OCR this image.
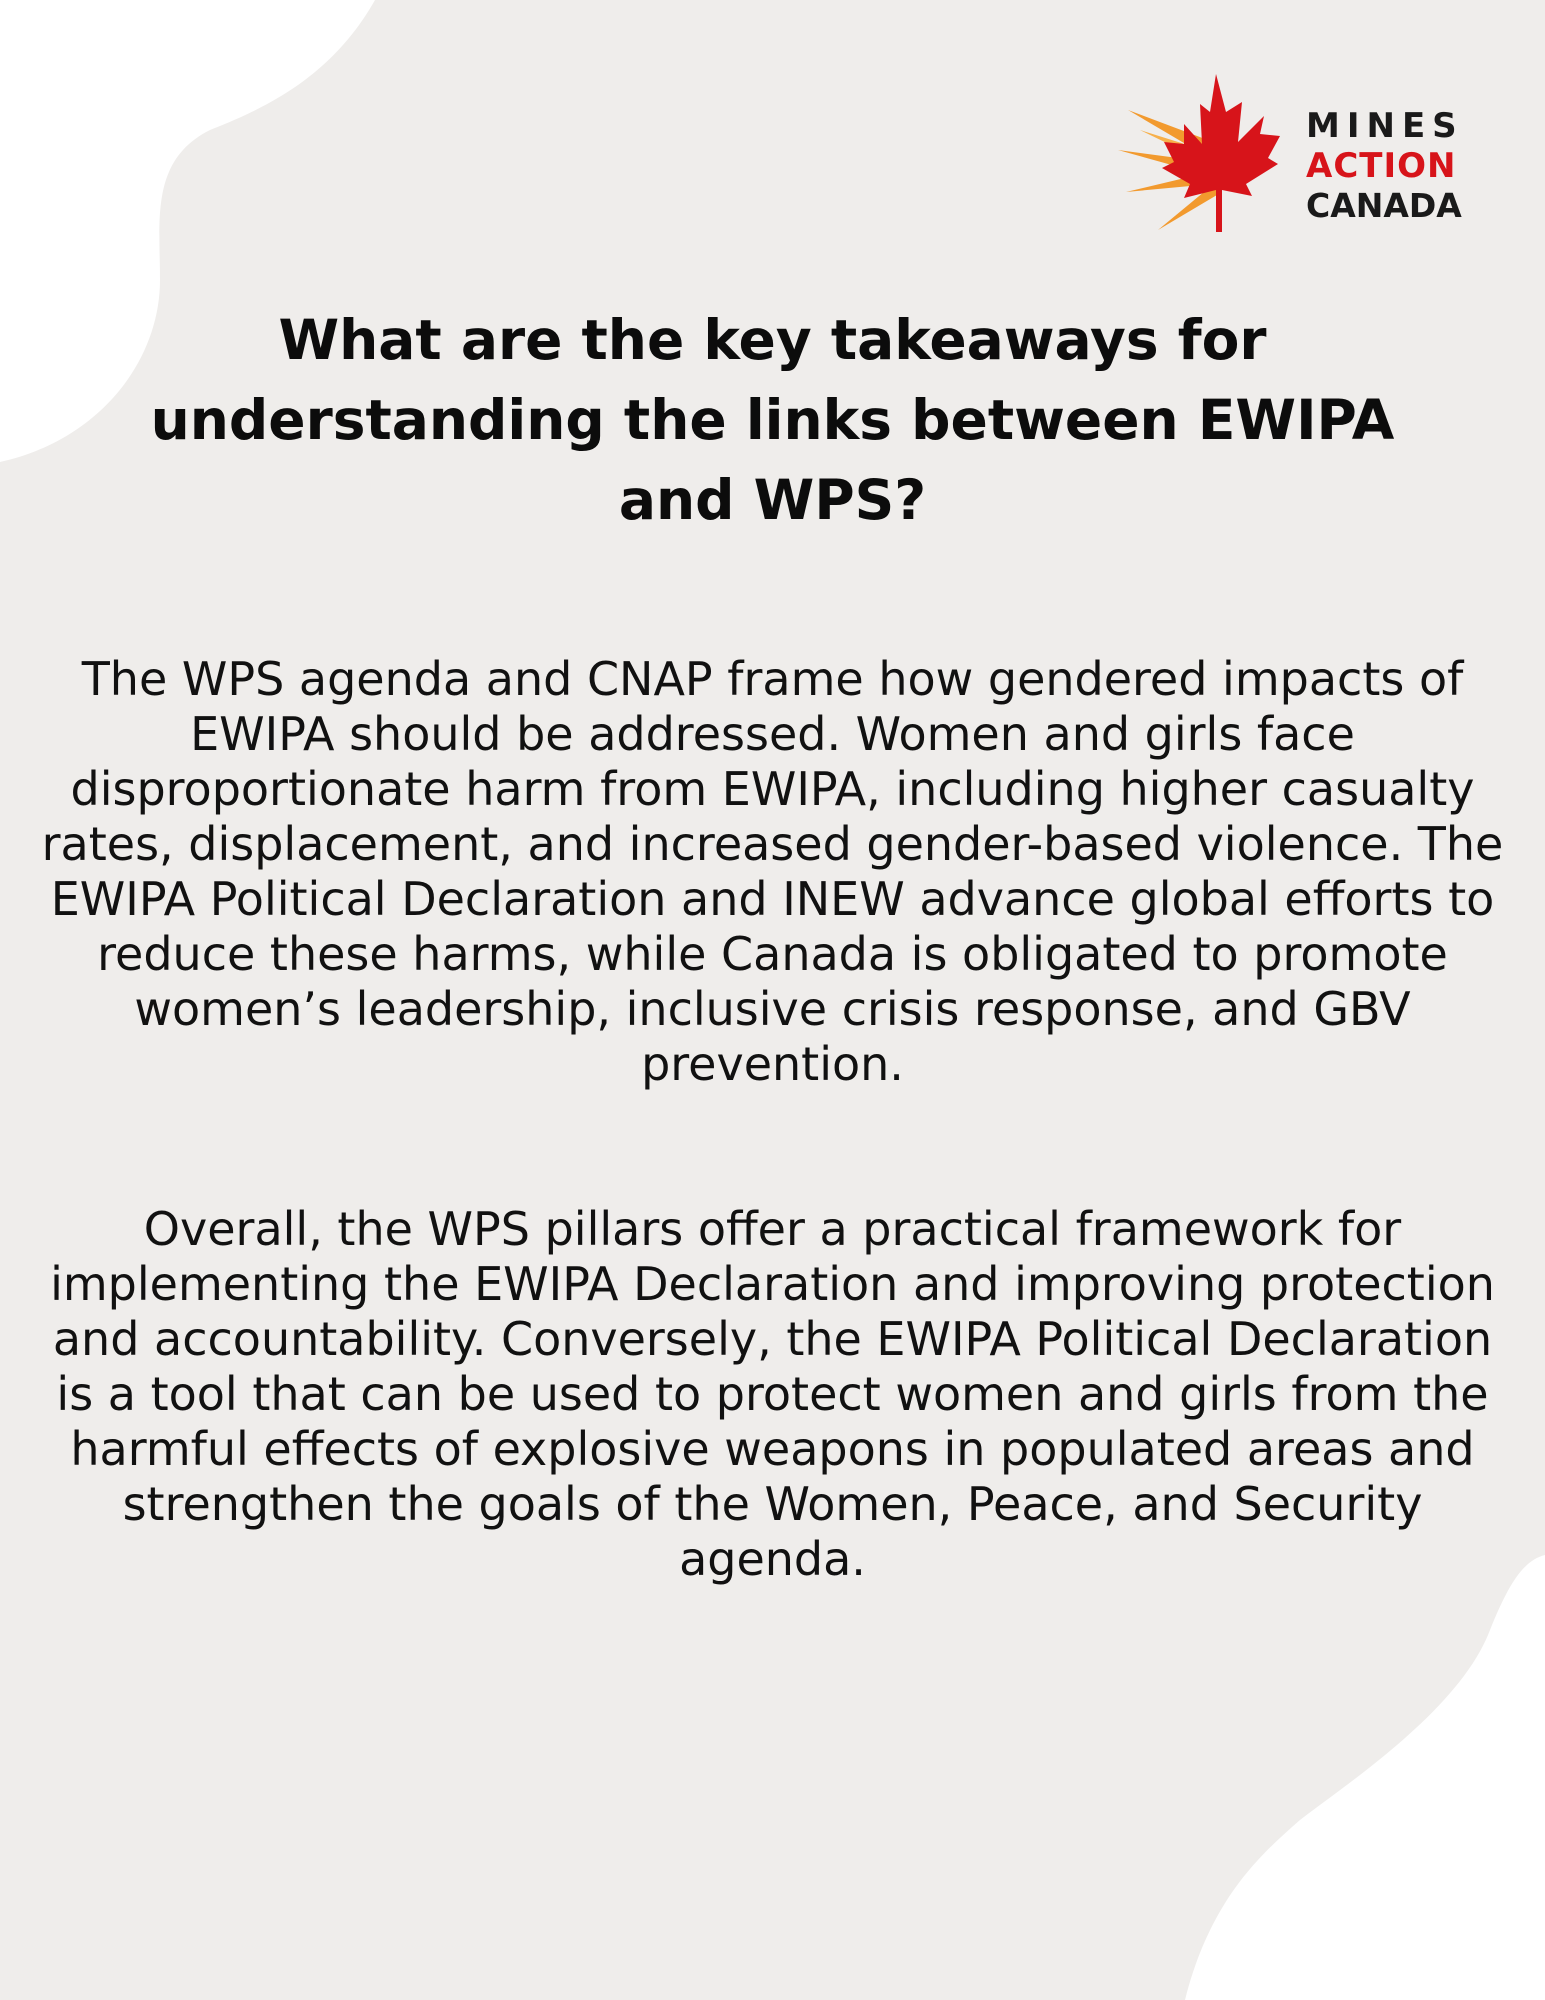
MINES
ACTION
CANADA
What are the key takeaways for understanding the links between EWIPA and WPS?

The WPS agenda and CNAP frame how gendered impacts of EWIPA should be addressed. Women and girls face disproportionate harm from EWIPA, including higher casualty rates, displacement, and increased gender-based violence. The EWIPA Political Declaration and INEW advance global efforts to reduce these harms, while Canada is obligated to promote women’s leadership, inclusive crisis response, and GBV prevention.

Overall, the WPS pillars offer a practical framework for implementing the EWIPA Declaration and improving protection and accountability. Conversely, the EWIPA Political Declaration is a tool that can be used to protect women and girls from the harmful effects of explosive weapons in populated areas and strengthen the goals of the Women, Peace, and Security agenda.
